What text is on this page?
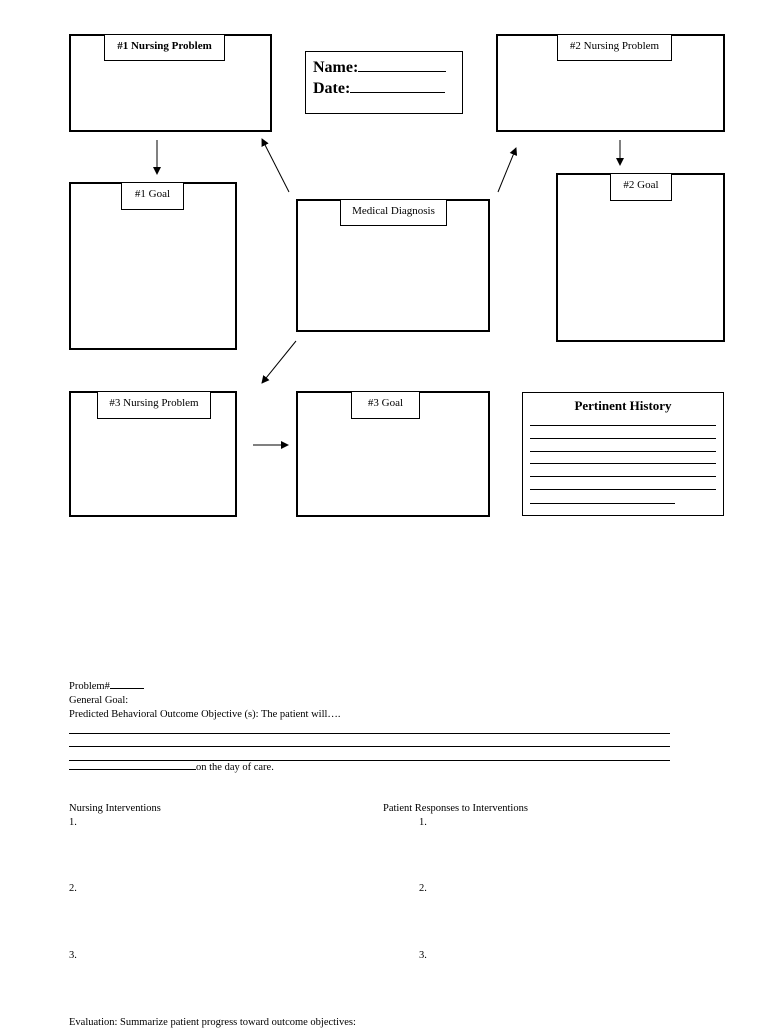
#1 Nursing Problem
Name:
Date:
#2 Nursing Problem
#1 Goal
Medical Diagnosis
#2 Goal
#3 Nursing Problem	#3 Goal	Pertinent History
Problem#
General Goal:
Predicted Behavioral Outcome Objective (s): The patient will….
on the day of care.
Nursing Interventions	Patient Responses to Interventions
1.	1.
2.	2.
3.	3.
Evaluation: Summarize patient progress toward outcome objectives:
